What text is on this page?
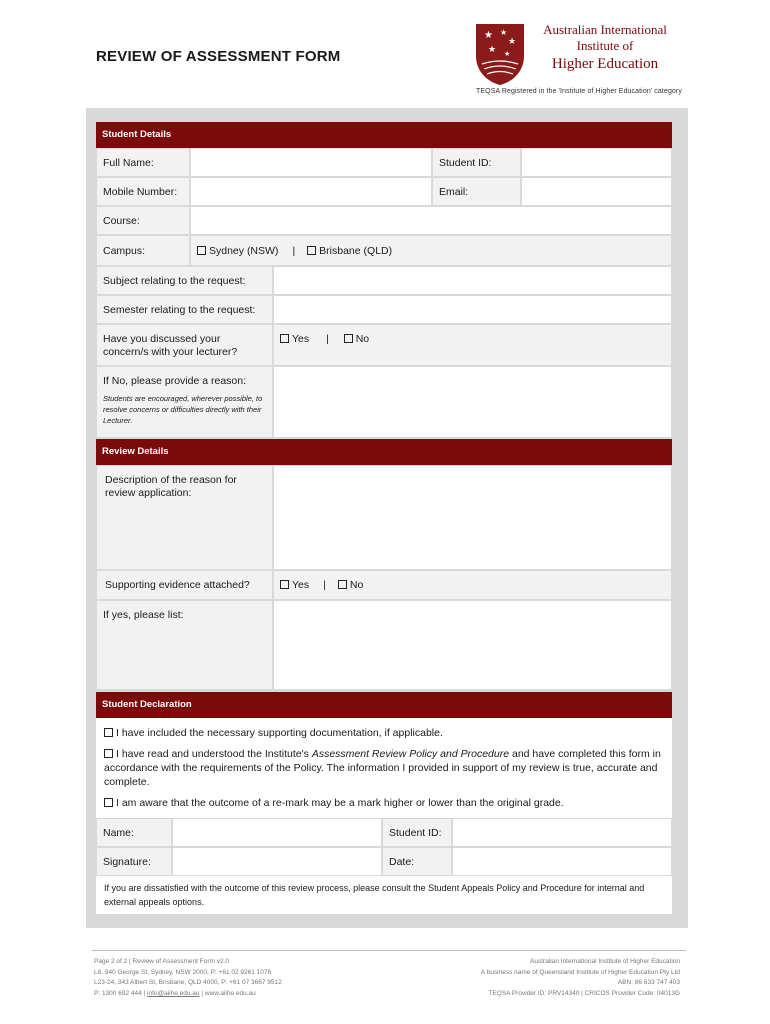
REVIEW OF ASSESSMENT FORM
★ ★
★
★ ★
Australian International
Institute of
Higher Education
TEQSA Registered in the 'Institute of Higher Education' category
Student Details
Full Name:	Student ID:
Mobile Number:	Email:
Course:
Campus:	Sydney (NSW) |	Brisbane (QLD)
Subject relating to the request:
Semester relating to the request:
Have you discussed your concern/s with your lecturer?
Yes |	No
If No, please provide a reason:
Students are encouraged, wherever possible, to resolve concerns or difficulties directly with their Lecturer.
Review Details
Description of the reason for review application:
Supporting evidence attached?	Yes |	No
If yes, please list:
Student Declaration

I have included the necessary supporting documentation, if applicable.

I have read and understood the Institute's Assessment Review Policy and Procedure and have completed this form in accordance with the requirements of the Policy. The information I provided in support of my review is true, accurate and complete.

I am aware that the outcome of a re-mark may be a mark higher or lower than the original grade.

Name:	Student ID:
Signature:	Date:
If you are dissatisfied with the outcome of this review process, please consult the Student Appeals Policy and Procedure for internal and external appeals options.
Page 2 of 2 | Review of Assessment Form v2.0
L8, 940 George St, Sydney, NSW 2000, P: +61 02 9261 1078
L23-24, 343 Albert St, Brisbane, QLD 4000, P: +61 07 3667 9512
P: 1300 692 444 | info@aiihe.edu.au | www.aiihe.edu.au
Australian International Institute of Higher Education
A business name of Queensland Institute of Higher Education Pty Ltd
ABN: 86 633 747 403
TEQSA Provider ID: PRV14340 | CRICOS Provider Code: 04013G
